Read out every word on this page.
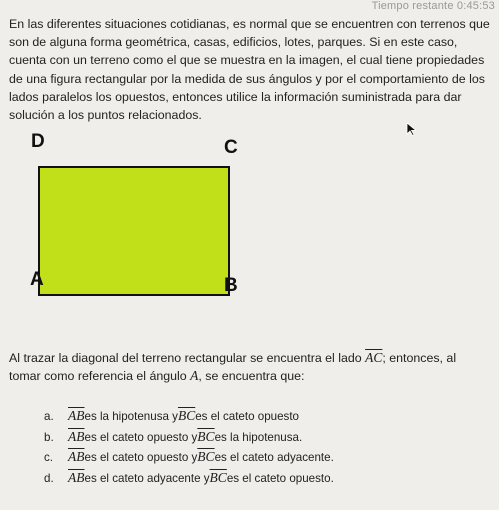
Tiempo restante 0:45:53

En las diferentes situaciones cotidianas, es normal que se encuentren con terrenos que son de alguna forma geométrica, casas, edificios, lotes, parques. Si en este caso, cuenta con un terreno como el que se muestra en la imagen, el cual tiene propiedades de una figura rectangular por la medida de sus ángulos y por el comportamiento de los lados paralelos los opuestos, entonces utilice la información suministrada para dar solución a los puntos relacionados.

D	C
A	B

Al trazar la diagonal del terreno rectangular se encuentra el lado $\overline{AC}$; entonces, al tomar como referencia el ángulo A, se encuentra que:

a.	$\overline{AB}$ es la hipotenusa y $\overline{BC}$ es el cateto opuesto
b.	$\overline{AB}$ es el cateto opuesto y $\overline{BC}$ es la hipotenusa.
c.	$\overline{AB}$ es el cateto opuesto y $\overline{BC}$ es el cateto adyacente.
d.	$\overline{AB}$ es el cateto adyacente y $\overline{BC}$ es el cateto opuesto.
